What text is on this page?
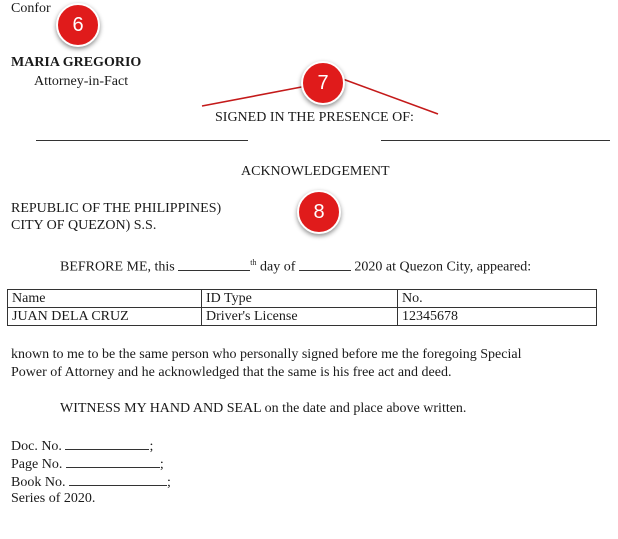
Confor
MARIA GREGORIO
Attorney-in-Fact
SIGNED IN THE PRESENCE OF:
ACKNOWLEDGEMENT
REPUBLIC OF THE PHILIPPINES)
CITY OF QUEZON) S.S.
BEFRORE ME, this	$^{th}$ day of	2020 at Quezon City, appeared:
Name	ID Type	No.
JUAN DELA CRUZ	Driver's License	12345678
known to me to be the same person who personally signed before me the foregoing Special
Power of Attorney and he acknowledged that the same is his free act and deed.
WITNESS MY HAND AND SEAL on the date and place above written.
Doc. No.	;
Page No.	;
Book No.	;
Series of 2020.
6
7
8
